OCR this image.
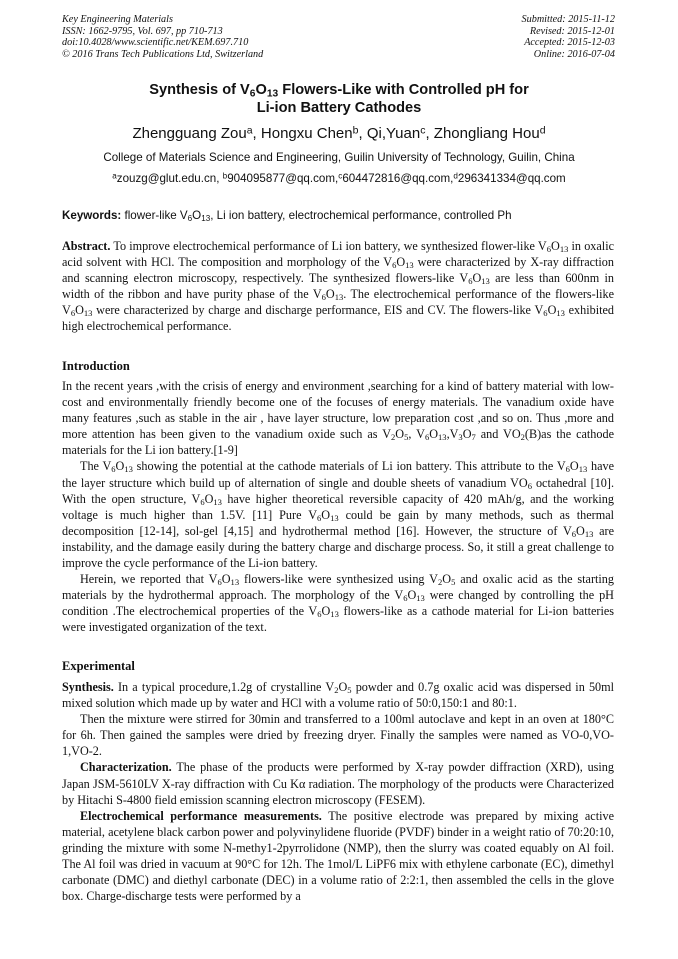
Key Engineering Materials
ISSN: 1662-9795, Vol. 697, pp 710-713
doi:10.4028/www.scientific.net/KEM.697.710
© 2016 Trans Tech Publications Ltd, Switzerland
Submitted: 2015-11-12
Revised: 2015-12-01
Accepted: 2015-12-03
Online: 2016-07-04
Synthesis of $V_6O_{13}$ Flowers-Like with Controlled pH for
Li-ion Battery Cathodes
Zhengguang Zou$^a$, Hongxu Chen$^b$, Qi,Yuan$^c$, Zhongliang Hou$^d$
College of Materials Science and Engineering, Guilin University of Technology, Guilin, China
$^a$zouzg@glut.edu.cn, $^b$904095877@qq.com,$^c$604472816@qq.com,$^d$296341334@qq.com
Keywords: flower-like $V_6O_{13}$, Li ion battery, electrochemical performance, controlled Ph

Abstract. To improve electrochemical performance of Li ion battery, we synthesized flower-like $V_6O_{13}$ in oxalic acid solvent with HCl. The composition and morphology of the $V_6O_{13}$ were characterized by X-ray diffraction and scanning electron microscopy, respectively. The synthesized flowers-like $V_6O_{13}$ are less than 600nm in width of the ribbon and have purity phase of the $V_6O_{13}$. The electrochemical performance of the flowers-like $V_6O_{13}$ were characterized by charge and discharge performance, EIS and CV. The flowers-like $V_6O_{13}$ exhibited high electrochemical performance.

Introduction

In the recent years ,with the crisis of energy and environment ,searching for a kind of battery material with low-cost and environmentally friendly become one of the focuses of energy materials. The vanadium oxide have many features ,such as stable in the air , have layer structure, low preparation cost ,and so on. Thus ,more and more attention has been given to the vanadium oxide such as $V_2O_5$, $V_6O_{13},V_3O_7$ and $VO_2(B)as$ the cathode materials for the Li ion battery.[1-9]

The $V_6O_{13}$ showing the potential at the cathode materials of Li ion battery. This attribute to the $V_6O_{13}$ have the layer structure which build up of alternation of single and double sheets of vanadium $VO_6$ octahedral [10]. With the open structure, $V_6O_{13}$ have higher theoretical reversible capacity of 420 mAh/g, and the working voltage is much higher than 1.5V. [11] Pure $V_6O_{13}$ could be gain by many methods, such as thermal decomposition [12-14], sol-gel [4,15] and hydrothermal method [16]. However, the structure of $V_6O_{13}$ are instability, and the damage easily during the battery charge and discharge process. So, it still a great challenge to improve the cycle performance of the Li-ion battery.

Herein, we reported that $V_6O_{13}$ flowers-like were synthesized using $V_2O_5$ and oxalic acid as the starting materials by the hydrothermal approach. The morphology of the $V_6O_{13}$ were changed by controlling the pH condition .The electrochemical properties of the $V_6O_{13}$ flowers-like as a cathode material for Li-ion batteries were investigated organization of the text.

Experimental

Synthesis. In a typical procedure,1.2g of crystalline $V_2O_5$ powder and 0.7g oxalic acid was dispersed in 50ml mixed solution which made up by water and HCl with a volume ratio of 50:0,150:1 and 80:1.

Then the mixture were stirred for 30min and transferred to a 100ml autoclave and kept in an oven at 180°C for 6h. Then gained the samples were dried by freezing dryer. Finally the samples were named as VO-0,VO-1,VO-2.

Characterization. The phase of the products were performed by X-ray powder diffraction (XRD), using Japan JSM-5610LV X-ray diffraction with Cu Kα radiation. The morphology of the products were Characterized by Hitachi S-4800 field emission scanning electron microscopy (FESEM).

Electrochemical performance measurements. The positive electrode was prepared by mixing active material, acetylene black carbon power and polyvinylidene fluoride (PVDF) binder in a weight ratio of 70:20:10, grinding the mixture with some N-methy1-2pyrrolidone (NMP), then the slurry was coated equably on Al foil. The Al foil was dried in vacuum at 90°C for 12h. The 1mol/L LiPF6 mix with ethylene carbonate (EC), dimethyl carbonate (DMC) and diethyl carbonate (DEC) in a volume ratio of 2:2:1, then assembled the cells in the glove box. Charge-discharge tests were performed by a
